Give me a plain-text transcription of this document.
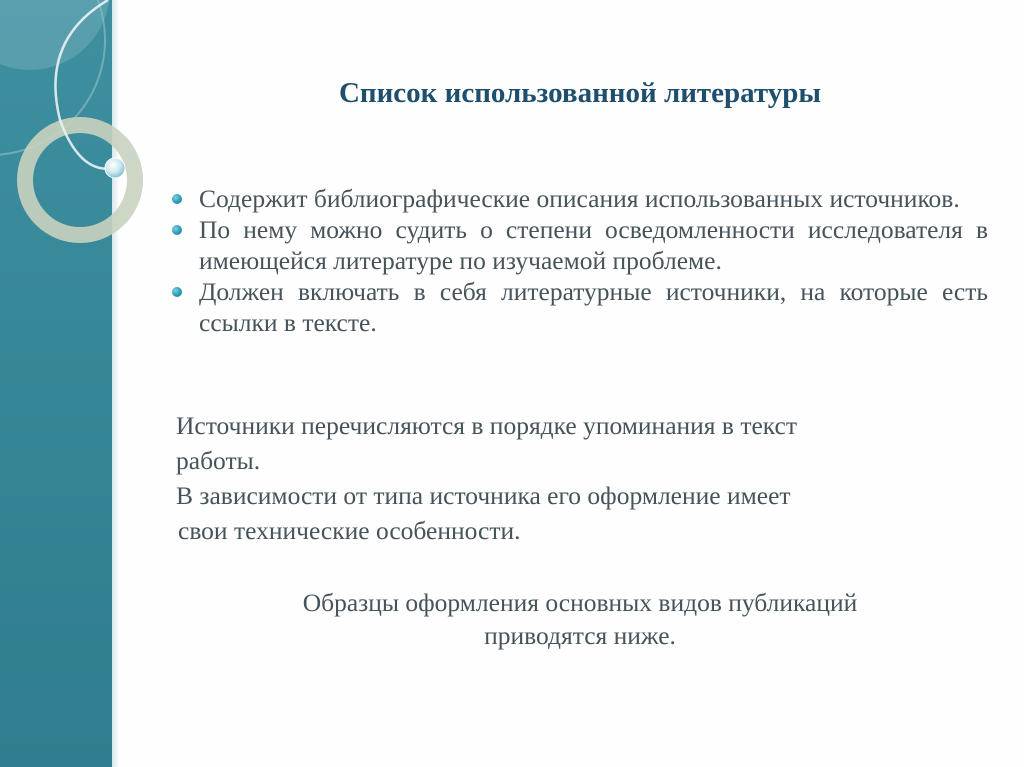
Список использованной литературы
Содержит библиографические описания использованных источников.
По нему можно судить о степени осведомленности исследователя в имеющейся литературе по изучаемой проблеме.
Должен включать в себя литературные источники, на которые есть ссылки в тексте.
Источники перечисляются в порядке упоминания в текст
работы.
В зависимости от типа источника его оформление имеет
свои технические особенности.
Образцы оформления основных видов публикаций
приводятся ниже.
